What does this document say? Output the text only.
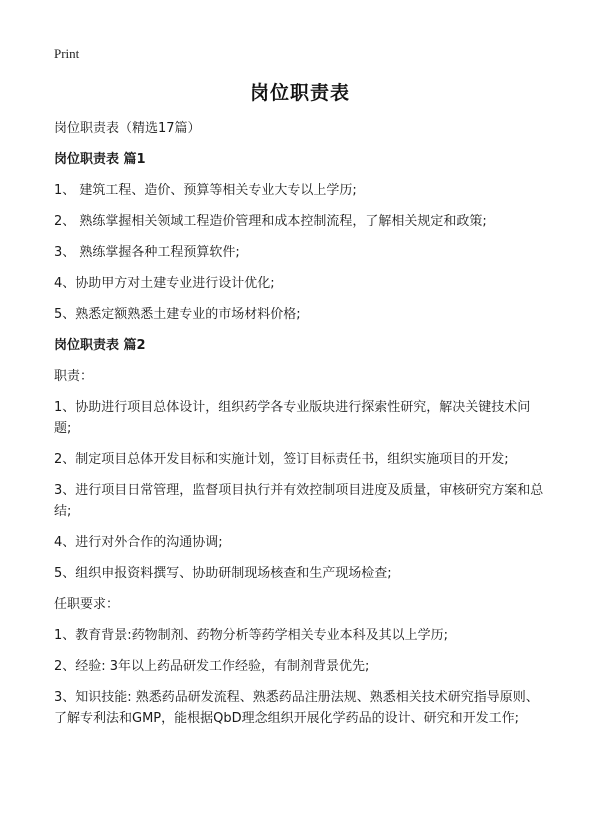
Print
岗位职责表

岗位职责表（精选17篇）

岗位职责表 篇1

1、 建筑工程、造价、预算等相关专业大专以上学历;

2、 熟练掌握相关领域工程造价管理和成本控制流程，了解相关规定和政策;

3、 熟练掌握各种工程预算软件;

4、协助甲方对土建专业进行设计优化;

5、熟悉定额熟悉土建专业的市场材料价格;

岗位职责表 篇2

职责：

1、协助进行项目总体设计，组织药学各专业版块进行探索性研究，解决关键技术问题;

2、制定项目总体开发目标和实施计划，签订目标责任书，组织实施项目的开发;

3、进行项目日常管理，监督项目执行并有效控制项目进度及质量，审核研究方案和总结;

4、进行对外合作的沟通协调;

5、组织申报资料撰写、协助研制现场核查和生产现场检查;

任职要求：

1、教育背景:药物制剂、药物分析等药学相关专业本科及其以上学历;

2、经验: 3年以上药品研发工作经验，有制剂背景优先;

3、知识技能: 熟悉药品研发流程、熟悉药品注册法规、熟悉相关技术研究指导原则、了解专利法和GMP，能根据QbD理念组织开展化学药品的设计、研究和开发工作;
